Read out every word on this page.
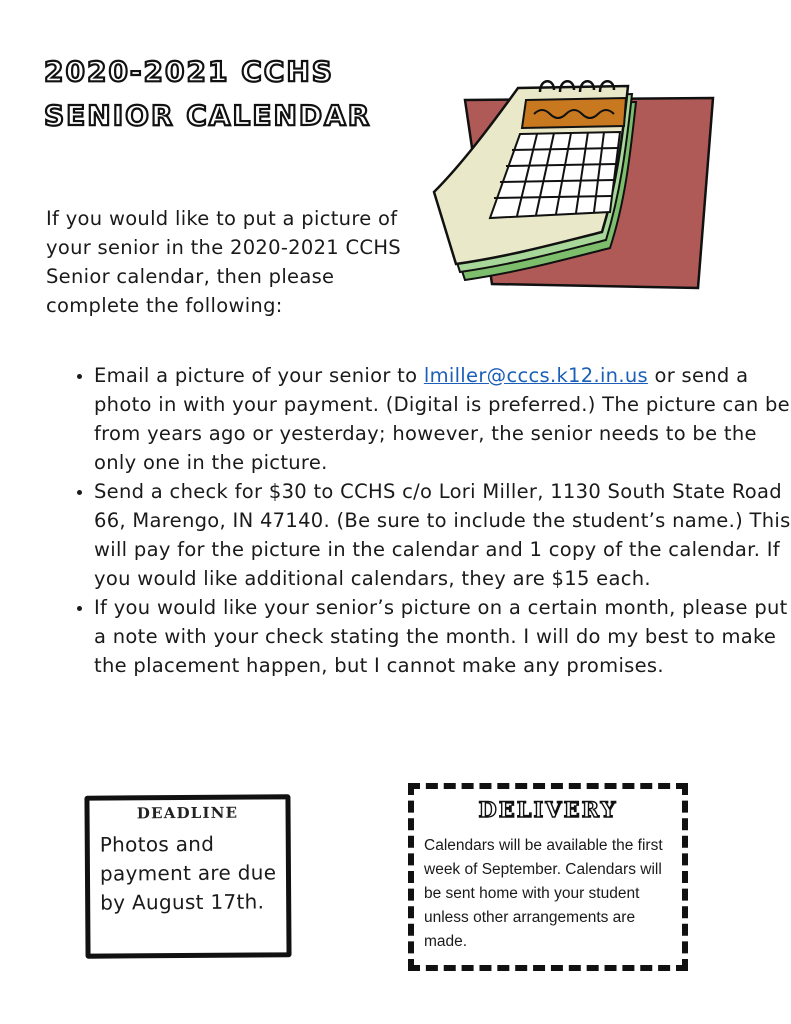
2020-2021 CCHS
SENIOR CALENDAR

If you would like to put a picture of your senior in the 2020-2021 CCHS Senior calendar, then please complete the following:

• Email a picture of your senior to lmiller@cccs.k12.in.us or send a photo in with your payment. (Digital is preferred.) The picture can be from years ago or yesterday; however, the senior needs to be the only one in the picture.
• Send a check for $30 to CCHS c/o Lori Miller, 1130 South State Road 66, Marengo, IN 47140. (Be sure to include the student’s name.) This will pay for the picture in the calendar and 1 copy of the calendar. If you would like additional calendars, they are $15 each.
• If you would like your senior’s picture on a certain month, please put a note with your check stating the month. I will do my best to make the placement happen, but I cannot make any promises.
DEADLINE
Photos and payment are due by August 17th.
DELIVERY
Calendars will be available the first week of September. Calendars will be sent home with your student unless other arrangements are made.
